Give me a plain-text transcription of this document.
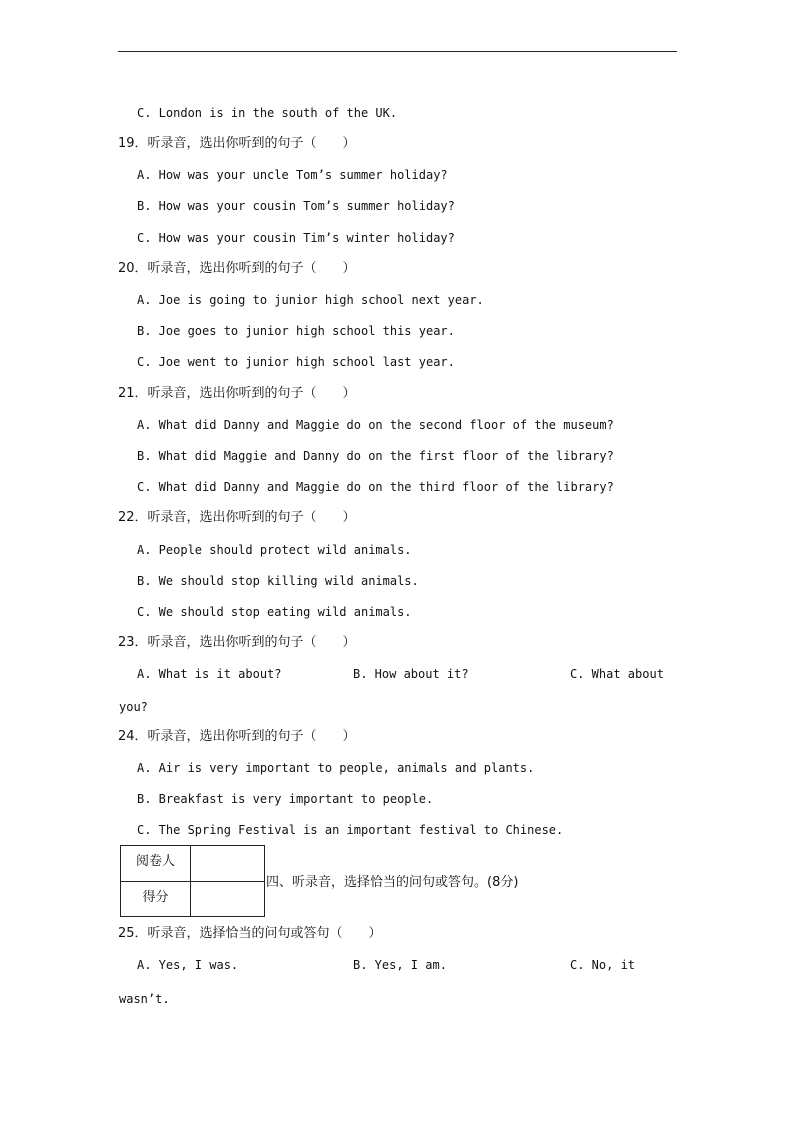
C. London is in the south of the UK.
19．听录音，选出你听到的句子（　　）
A. How was your uncle Tom’s summer holiday?
B. How was your cousin Tom’s summer holiday?
C. How was your cousin Tim’s winter holiday?
20．听录音，选出你听到的句子（　　）
A. Joe is going to junior high school next year.
B. Joe goes to junior high school this year.
C. Joe went to junior high school last year.
21．听录音，选出你听到的句子（　　）
A. What did Danny and Maggie do on the second floor of the museum?
B. What did Maggie and Danny do on the first floor of the library?
C. What did Danny and Maggie do on the third floor of the library?
22．听录音，选出你听到的句子（　　）
A. People should protect wild animals.
B. We should stop killing wild animals.
C. We should stop eating wild animals.
23．听录音，选出你听到的句子（　　）
A. What is it about?	B. How about it?	C. What about
you?
24．听录音，选出你听到的句子（　　）
A. Air is very important to people, animals and plants.
B. Breakfast is very important to people.
C. The Spring Festival is an important festival to Chinese.
阅卷人
得分
四、听录音，选择恰当的问句或答句。(8分)
25．听录音，选择恰当的问句或答句（　　）
A. Yes, I was.	B. Yes, I am.	C. No, it
wasn’t.
